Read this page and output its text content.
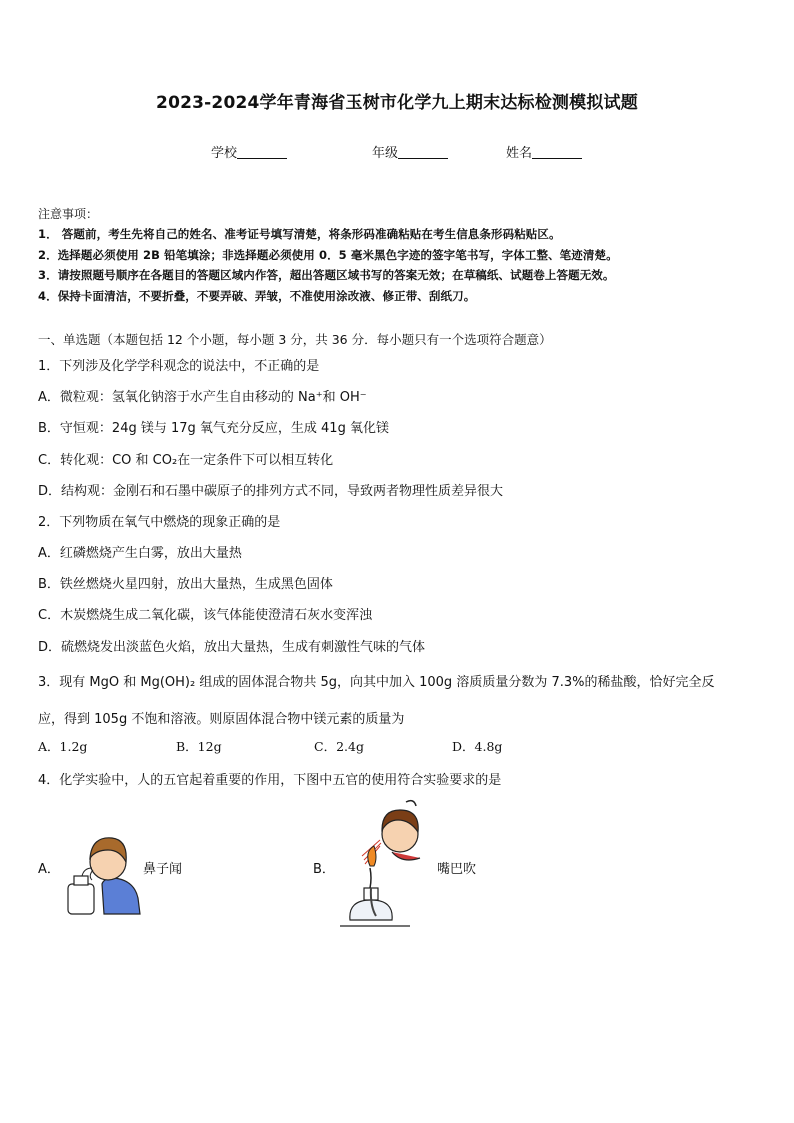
2023-2024学年青海省玉树市化学九上期末达标检测模拟试题
学校	年级	姓名
注意事项：
1． 答题前，考生先将自己的姓名、准考证号填写清楚，将条形码准确粘贴在考生信息条形码粘贴区。
2．选择题必须使用 2B 铅笔填涂；非选择题必须使用 0．5 毫米黑色字迹的签字笔书写，字体工整、笔迹清楚。
3．请按照题号顺序在各题目的答题区域内作答，超出答题区域书写的答案无效；在草稿纸、试题卷上答题无效。
4．保持卡面清洁，不要折叠，不要弄破、弄皱，不准使用涂改液、修正带、刮纸刀。
一、单选题（本题包括 12 个小题，每小题 3 分，共 36 分．每小题只有一个选项符合题意）
1．下列涉及化学学科观念的说法中，不正确的是
A．微粒观：氢氧化钠溶于水产生自由移动的 Na⁺和 OH⁻
B．守恒观：24g 镁与 17g 氧气充分反应，生成 41g 氧化镁
C．转化观：CO 和 CO₂在一定条件下可以相互转化
D．结构观：金刚石和石墨中碳原子的排列方式不同，导致两者物理性质差异很大
2．下列物质在氧气中燃烧的现象正确的是
A．红磷燃烧产生白雾，放出大量热
B．铁丝燃烧火星四射，放出大量热，生成黑色固体
C．木炭燃烧生成二氧化碳，该气体能使澄清石灰水变浑浊
D．硫燃烧发出淡蓝色火焰，放出大量热，生成有刺激性气味的气体
3．现有 MgO 和 Mg(OH)₂ 组成的固体混合物共 5g，向其中加入 100g 溶质质量分数为 7.3%的稀盐酸，恰好完全反
应，得到 105g 不饱和溶液。则原固体混合物中镁元素的质量为
A．1.2g	B．12g	C．2.4g	D．4.8g
4．化学实验中，人的五官起着重要的作用，下图中五官的使用符合实验要求的是
A．	鼻子闻	B．	嘴巴吹
